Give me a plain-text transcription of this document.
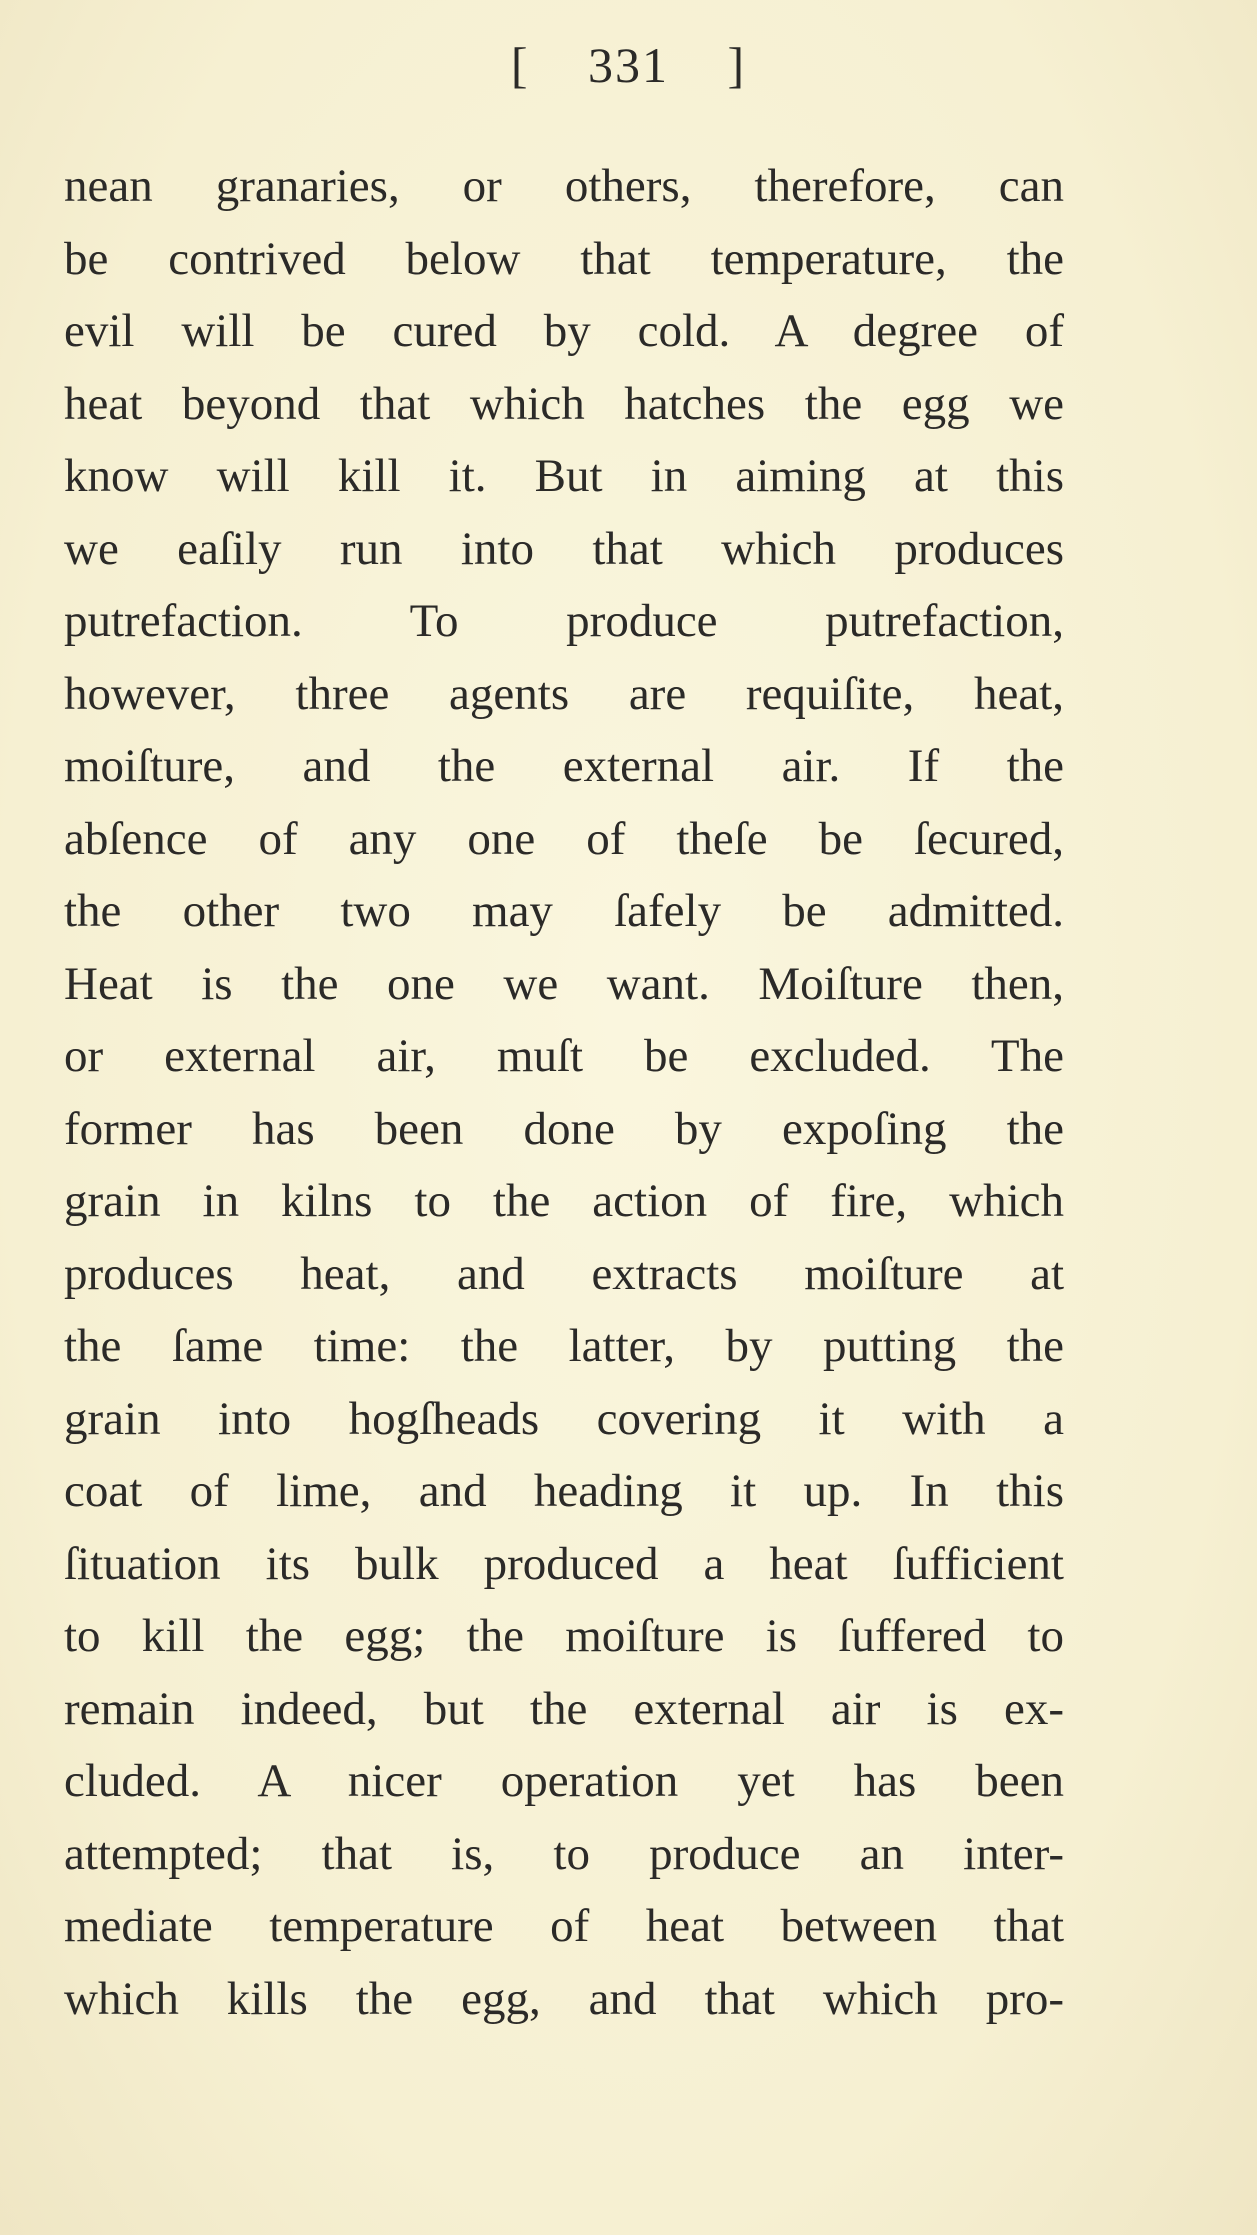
[ 331 ]
nean granaries, or others, therefore, can
be contrived below that temperature, the
evil will be cured by cold. A degree of
heat beyond that which hatches the egg we
know will kill it. But in aiming at this
we eaſily run into that which produces
putrefaction. To produce putrefaction,
however, three agents are requiſite, heat,
moiſture, and the external air. If the
abſence of any one of theſe be ſecured,
the other two may ſafely be admitted.
Heat is the one we want. Moiſture then,
or external air, muſt be excluded. The
former has been done by expoſing the
grain in kilns to the action of fire, which
produces heat, and extracts moiſture at
the ſame time: the latter, by putting the
grain into hogſheads covering it with a
coat of lime, and heading it up. In this
ſituation its bulk produced a heat ſufficient
to kill the egg; the moiſture is ſuffered to
remain indeed, but the external air is ex-
cluded. A nicer operation yet has been
attempted; that is, to produce an inter-
mediate temperature of heat between that
which kills the egg, and that which pro-
